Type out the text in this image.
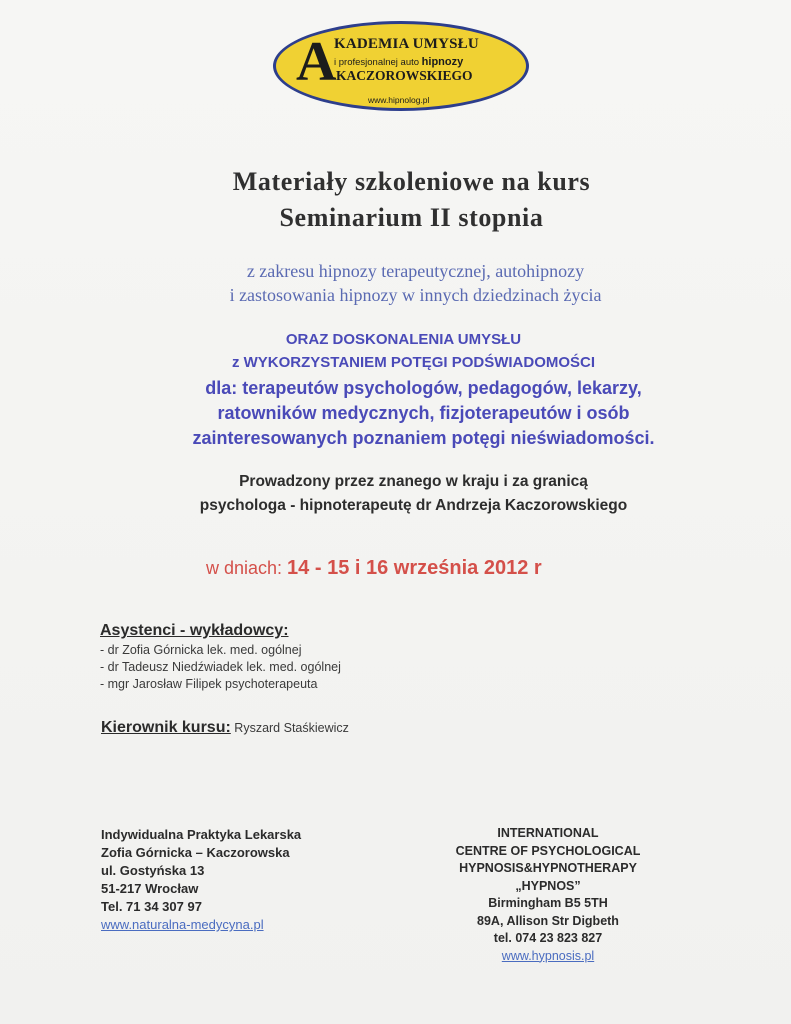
A
KADEMIA UMYSŁU
i profesjonalnej auto hipnozy
KACZOROWSKIEGO
www.hipnolog.pl
Materiały szkoleniowe na kurs
Seminarium II stopnia
z zakresu hipnozy terapeutycznej, autohipnozy
i zastosowania hipnozy w innych dziedzinach życia
ORAZ DOSKONALENIA UMYSŁU
z WYKORZYSTANIEM POTĘGI PODŚWIADOMOŚCI
dla: terapeutów psychologów, pedagogów, lekarzy,
ratowników medycznych, fizjoterapeutów i osób
zainteresowanych poznaniem potęgi nieświadomości.
Prowadzony przez znanego w kraju i za granicą
psychologa - hipnoterapeutę dr Andrzeja Kaczorowskiego
w dniach: 14 - 15 i 16 września 2012 r
Asystenci - wykładowcy:
- dr Zofia Górnicka lek. med. ogólnej
- dr Tadeusz Niedźwiadek lek. med. ogólnej
- mgr Jarosław Filipek psychoterapeuta
Kierownik kursu: Ryszard Staśkiewicz
Indywidualna Praktyka Lekarska
Zofia Górnicka – Kaczorowska
ul. Gostyńska 13
51-217 Wrocław
Tel. 71 34 307 97
www.naturalna-medycyna.pl
INTERNATIONAL
CENTRE OF PSYCHOLOGICAL
HYPNOSIS&HYPNOTHERAPY
„HYPNOS”
Birmingham B5 5TH
89A, Allison Str Digbeth
tel. 074 23 823 827
www.hypnosis.pl
